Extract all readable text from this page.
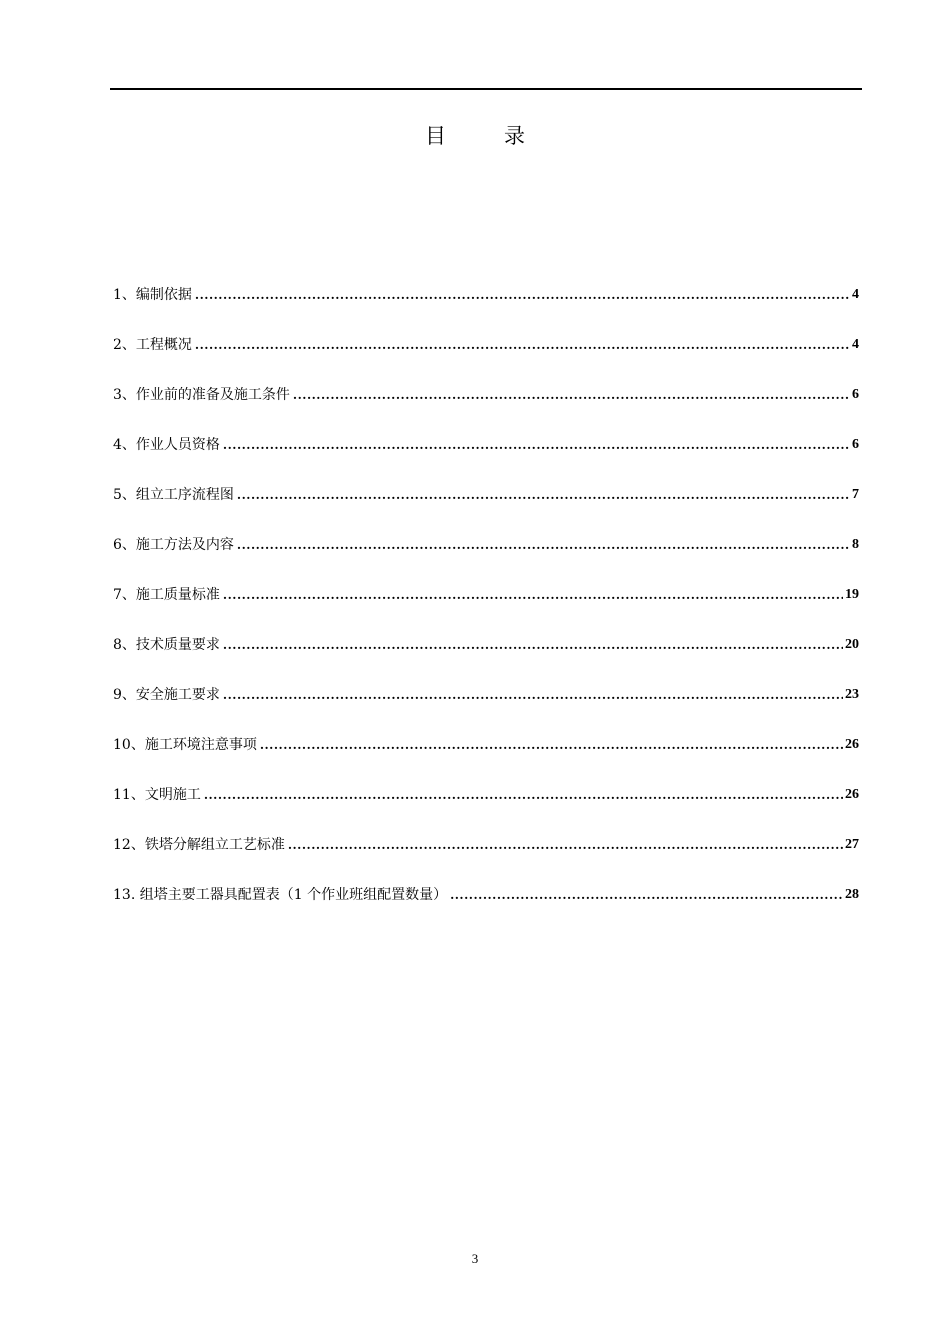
目	录
1、编制依据 .....	4
2、工程概况 .....	4
3、作业前的准备及施工条件 .....	6
4、作业人员资格 .....	6
5、组立工序流程图 .....	7
6、施工方法及内容 .....	8
7、施工质量标准 .....	19
8、技术质量要求 .....	20
9、安全施工要求 .....	23
10、施工环境注意事项 .....	26
11、文明施工 .....	26
12、铁塔分解组立工艺标准 .....	27
13. 组塔主要工器具配置表（1 个作业班组配置数量） .....	28
3
